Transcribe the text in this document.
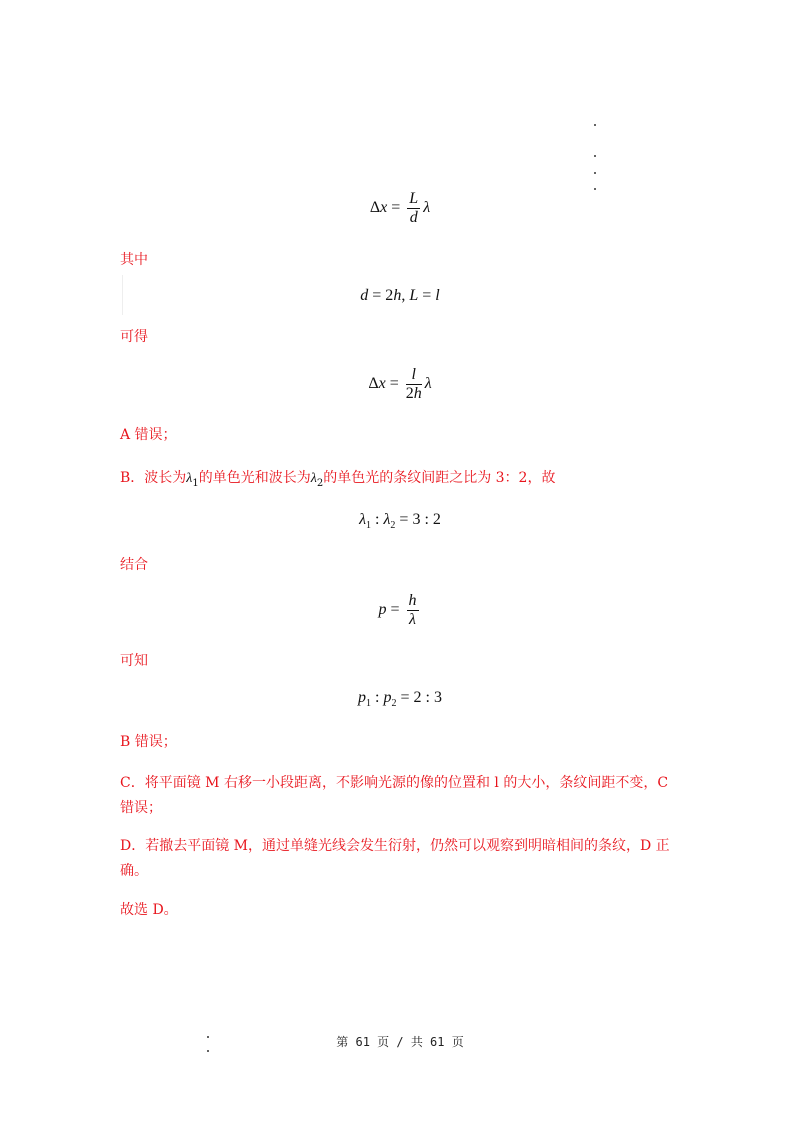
$\Delta x = \frac{L}{d}$ λ
其中
d = 2h, L = l
可得
$\Delta x = \frac{l}{2h}$ λ
A 错误；
B．波长为$\lambda_1$的单色光和波长为$\lambda_2$的单色光的条纹间距之比为 3：2，故
$\lambda_1$ : $\lambda_2 = 3$ : 2
结合
$p = \frac{h}{\lambda}$
可知
$p_1$ : $p_2 = 2$ : 3
B 错误；
C．将平面镜 M 右移一小段距离，不影响光源的像的位置和 l 的大小，条纹间距不变，C 错误；
D．若撤去平面镜 M，通过单缝光线会发生衍射，仍然可以观察到明暗相间的条纹，D 正确。
故选 D。
第 61 页 / 共 61 页
